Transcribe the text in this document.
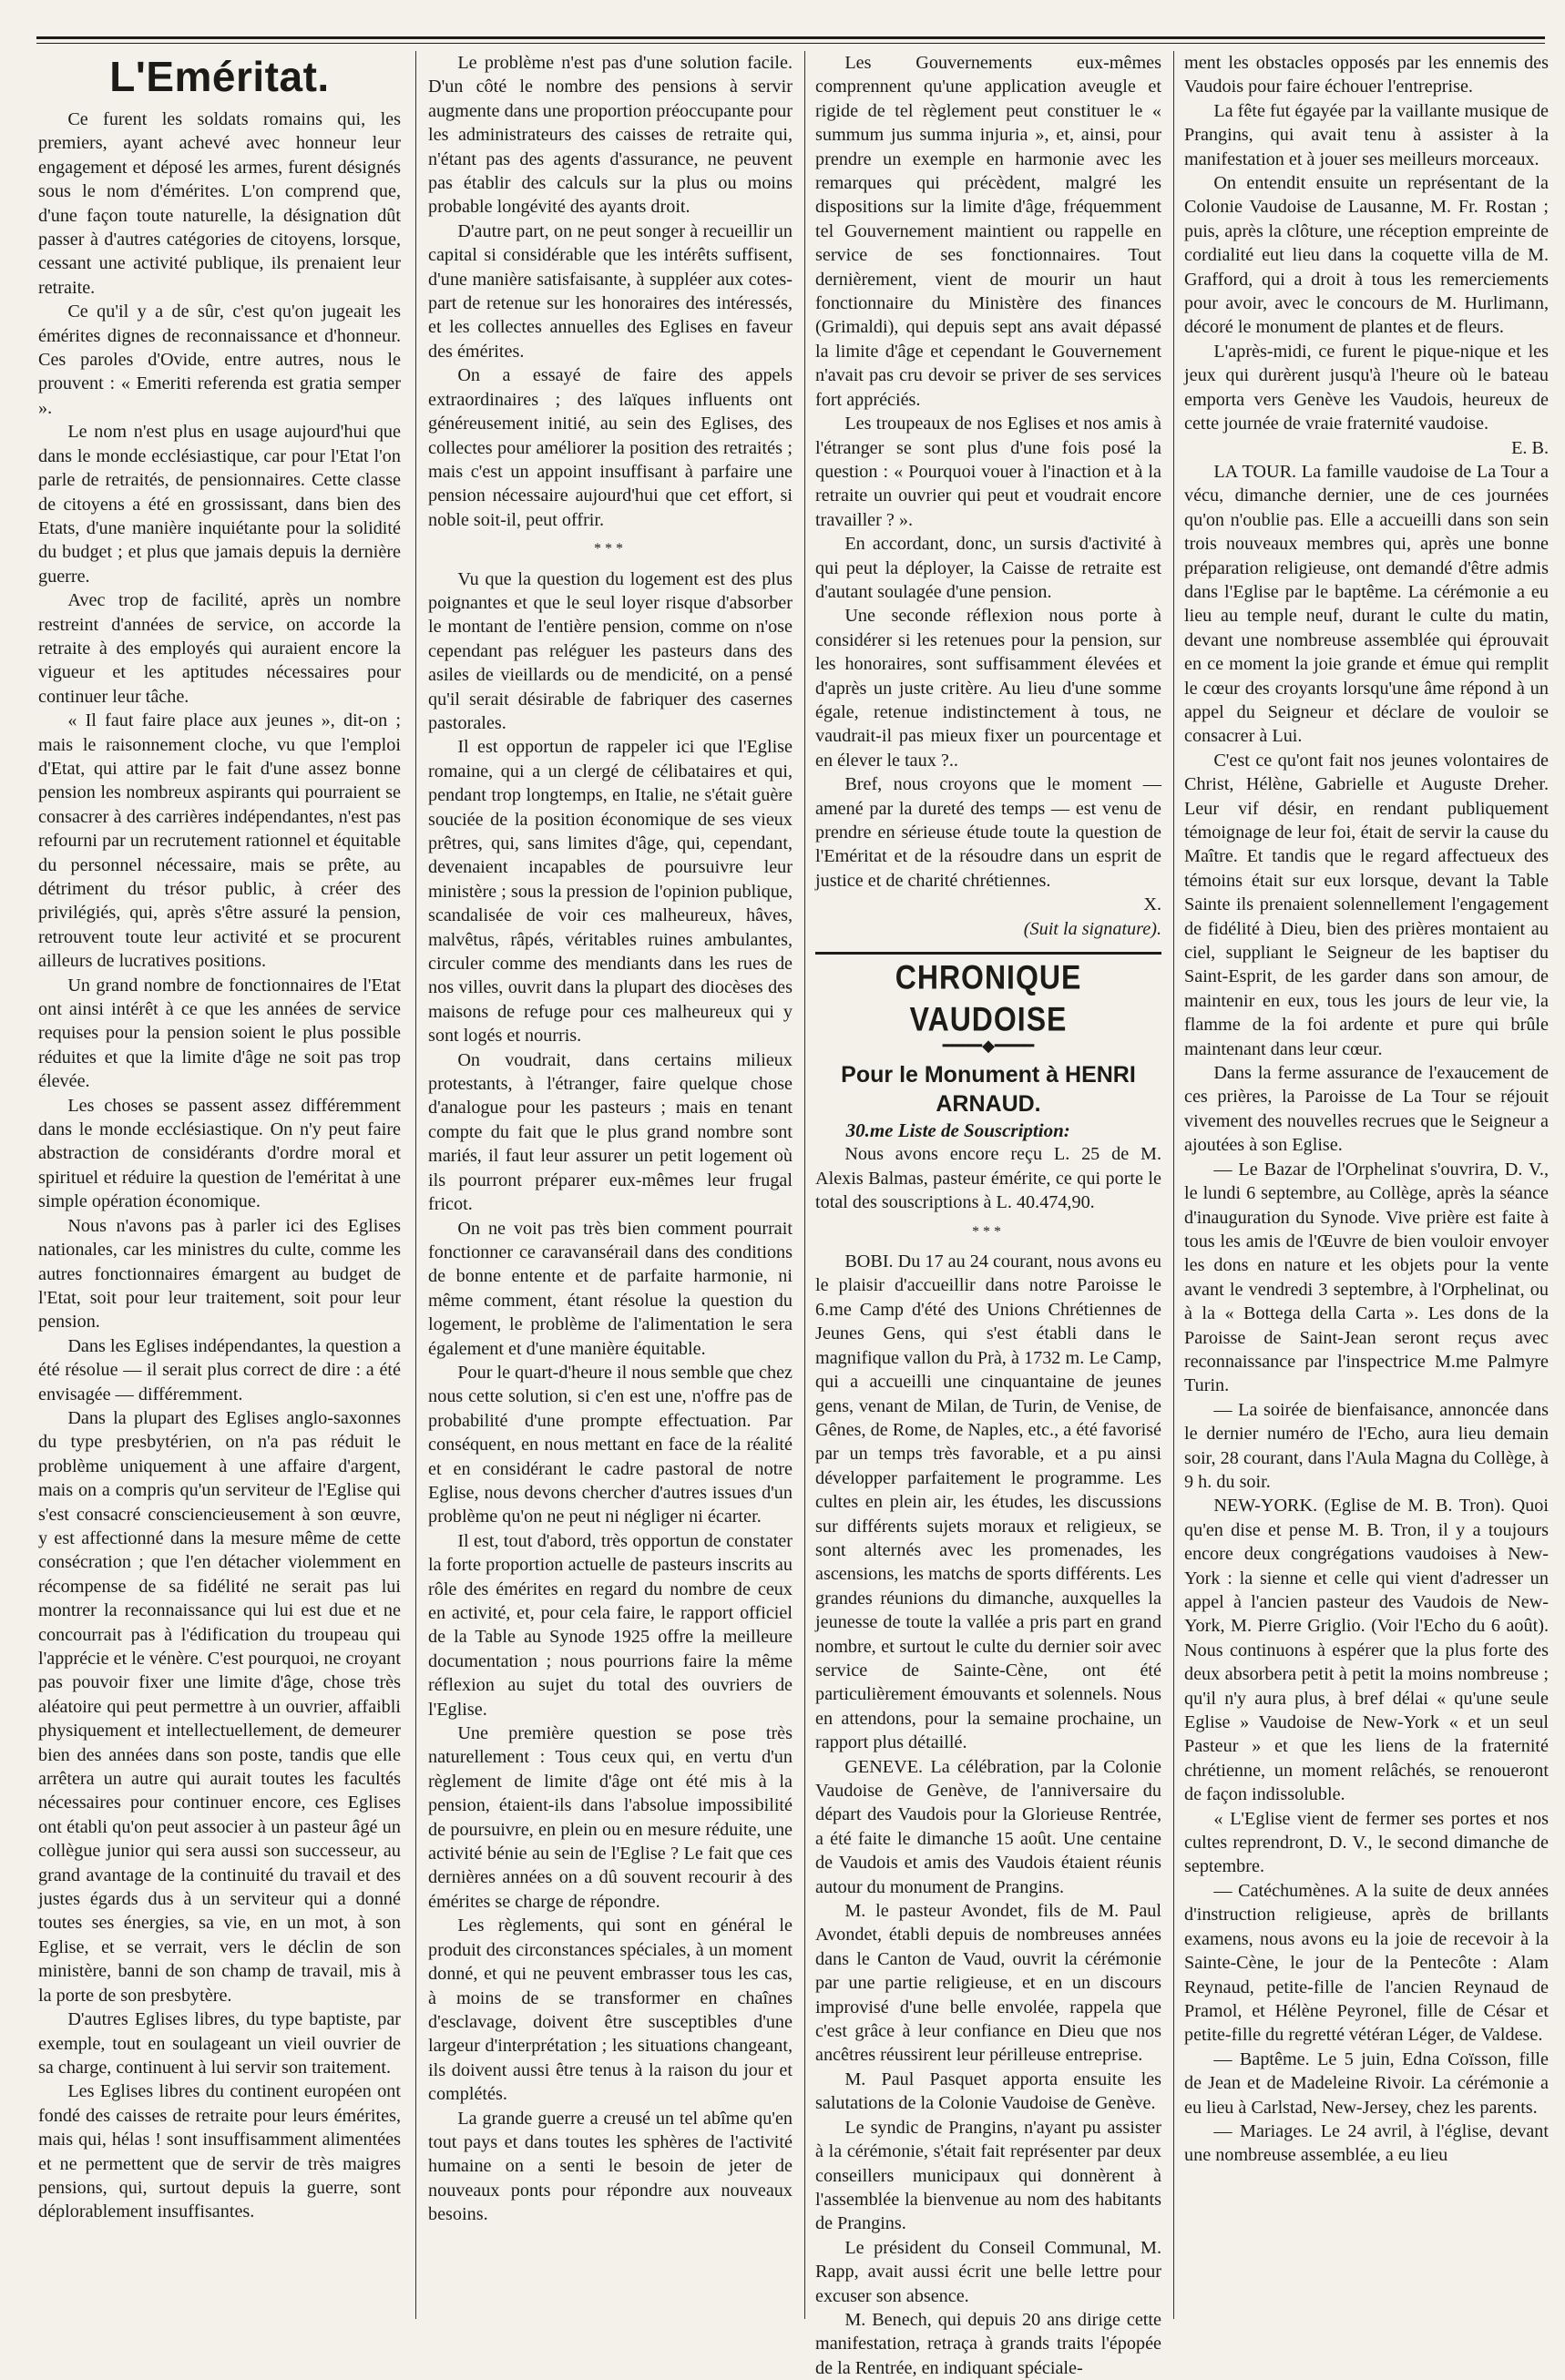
L'Eméritat.

Ce furent les soldats romains qui, les premiers, ayant achevé avec honneur leur engagement et déposé les armes, furent désignés sous le nom d'émérites. L'on comprend que, d'une façon toute naturelle, la désignation dût passer à d'autres catégories de citoyens, lorsque, cessant une activité publique, ils prenaient leur retraite.

Ce qu'il y a de sûr, c'est qu'on jugeait les émérites dignes de reconnaissance et d'honneur. Ces paroles d'Ovide, entre autres, nous le prouvent : « Emeriti referenda est gratia semper ».

Le nom n'est plus en usage aujourd'hui que dans le monde ecclésiastique, car pour l'Etat l'on parle de retraités, de pensionnaires. Cette classe de citoyens a été en grossissant, dans bien des Etats, d'une manière inquiétante pour la solidité du budget ; et plus que jamais depuis la dernière guerre.

Avec trop de facilité, après un nombre restreint d'années de service, on accorde la retraite à des employés qui auraient encore la vigueur et les aptitudes nécessaires pour continuer leur tâche.

« Il faut faire place aux jeunes », dit-on ; mais le raisonnement cloche, vu que l'emploi d'Etat, qui attire par le fait d'une assez bonne pension les nombreux aspirants qui pourraient se consacrer à des carrières indépendantes, n'est pas refourni par un recrutement rationnel et équitable du personnel nécessaire, mais se prête, au détriment du trésor public, à créer des privilégiés, qui, après s'être assuré la pension, retrouvent toute leur activité et se procurent ailleurs de lucratives positions.

Un grand nombre de fonctionnaires de l'Etat ont ainsi intérêt à ce que les années de service requises pour la pension soient le plus possible réduites et que la limite d'âge ne soit pas trop élevée.

Les choses se passent assez différemment dans le monde ecclésiastique. On n'y peut faire abstraction de considérants d'ordre moral et spirituel et réduire la question de l'eméritat à une simple opération économique.

Nous n'avons pas à parler ici des Eglises nationales, car les ministres du culte, comme les autres fonctionnaires émargent au budget de l'Etat, soit pour leur traitement, soit pour leur pension.

Dans les Eglises indépendantes, la question a été résolue — il serait plus correct de dire : a été envisagée — différemment.

Dans la plupart des Eglises anglo-saxonnes du type presbytérien, on n'a pas réduit le problème uniquement à une affaire d'argent, mais on a compris qu'un serviteur de l'Eglise qui s'est consacré consciencieusement à son œuvre, y est affectionné dans la mesure même de cette consécration ; que l'en détacher violemment en récompense de sa fidélité ne serait pas lui montrer la reconnaissance qui lui est due et ne concourrait pas à l'édification du troupeau qui l'apprécie et le vénère. C'est pourquoi, ne croyant pas pouvoir fixer une limite d'âge, chose très aléatoire qui peut permettre à un ouvrier, affaibli physiquement et intellectuellement, de demeurer bien des années dans son poste, tandis que elle arrêtera un autre qui aurait toutes les facultés nécessaires pour continuer encore, ces Eglises ont établi qu'on peut associer à un pasteur âgé un collègue junior qui sera aussi son successeur, au grand avantage de la continuité du travail et des justes égards dus à un serviteur qui a donné toutes ses énergies, sa vie, en un mot, à son Eglise, et se verrait, vers le déclin de son ministère, banni de son champ de travail, mis à la porte de son presbytère.

D'autres Eglises libres, du type baptiste, par exemple, tout en soulageant un vieil ouvrier de sa charge, continuent à lui servir son traitement.

Les Eglises libres du continent européen ont fondé des caisses de retraite pour leurs émérites, mais qui, hélas ! sont insuffisamment alimentées et ne permettent que de servir de très maigres pensions, qui, surtout depuis la guerre, sont déplorablement insuffisantes.

Le problème n'est pas d'une solution facile. D'un côté le nombre des pensions à servir augmente dans une proportion préoccupante pour les administrateurs des caisses de retraite qui, n'étant pas des agents d'assurance, ne peuvent pas établir des calculs sur la plus ou moins probable longévité des ayants droit.

D'autre part, on ne peut songer à recueillir un capital si considérable que les intérêts suffisent, d'une manière satisfaisante, à suppléer aux cotes-part de retenue sur les honoraires des intéressés, et les collectes annuelles des Eglises en faveur des émérites.

On a essayé de faire des appels extraordinaires ; des laïques influents ont généreusement initié, au sein des Eglises, des collectes pour améliorer la position des retraités ; mais c'est un appoint insuffisant à parfaire une pension nécessaire aujourd'hui que cet effort, si noble soit-il, peut offrir.

***

Vu que la question du logement est des plus poignantes et que le seul loyer risque d'absorber le montant de l'entière pension, comme on n'ose cependant pas reléguer les pasteurs dans des asiles de vieillards ou de mendicité, on a pensé qu'il serait désirable de fabriquer des casernes pastorales.

Il est opportun de rappeler ici que l'Eglise romaine, qui a un clergé de célibataires et qui, pendant trop longtemps, en Italie, ne s'était guère souciée de la position économique de ses vieux prêtres, qui, sans limites d'âge, qui, cependant, devenaient incapables de poursuivre leur ministère ; sous la pression de l'opinion publique, scandalisée de voir ces malheureux, hâves, malvêtus, râpés, véritables ruines ambulantes, circuler comme des mendiants dans les rues de nos villes, ouvrit dans la plupart des diocèses des maisons de refuge pour ces malheureux qui y sont logés et nourris.

On voudrait, dans certains milieux protestants, à l'étranger, faire quelque chose d'analogue pour les pasteurs ; mais en tenant compte du fait que le plus grand nombre sont mariés, il faut leur assurer un petit logement où ils pourront préparer eux-mêmes leur frugal fricot.

On ne voit pas très bien comment pourrait fonctionner ce caravansérail dans des conditions de bonne entente et de parfaite harmonie, ni même comment, étant résolue la question du logement, le problème de l'alimentation le sera également et d'une manière équitable.

Pour le quart-d'heure il nous semble que chez nous cette solution, si c'en est une, n'offre pas de probabilité d'une prompte effectuation. Par conséquent, en nous mettant en face de la réalité et en considérant le cadre pastoral de notre Eglise, nous devons chercher d'autres issues d'un problème qu'on ne peut ni négliger ni écarter.

Il est, tout d'abord, très opportun de constater la forte proportion actuelle de pasteurs inscrits au rôle des émérites en regard du nombre de ceux en activité, et, pour cela faire, le rapport officiel de la Table au Synode 1925 offre la meilleure documentation ; nous pourrions faire la même réflexion au sujet du total des ouvriers de l'Eglise.

Une première question se pose très naturellement : Tous ceux qui, en vertu d'un règlement de limite d'âge ont été mis à la pension, étaient-ils dans l'absolue impossibilité de poursuivre, en plein ou en mesure réduite, une activité bénie au sein de l'Eglise ? Le fait que ces dernières années on a dû souvent recourir à des émérites se charge de répondre.

Les règlements, qui sont en général le produit des circonstances spéciales, à un moment donné, et qui ne peuvent embrasser tous les cas, à moins de se transformer en chaînes d'esclavage, doivent être susceptibles d'une largeur d'interprétation ; les situations changeant, ils doivent aussi être tenus à la raison du jour et complétés.

La grande guerre a creusé un tel abîme qu'en tout pays et dans toutes les sphères de l'activité humaine on a senti le besoin de jeter de nouveaux ponts pour répondre aux nouveaux besoins.

Les Gouvernements eux-mêmes comprennent qu'une application aveugle et rigide de tel règlement peut constituer le « summum jus summa injuria », et, ainsi, pour prendre un exemple en harmonie avec les remarques qui précèdent, malgré les dispositions sur la limite d'âge, fréquemment tel Gouvernement maintient ou rappelle en service de ses fonctionnaires. Tout dernièrement, vient de mourir un haut fonctionnaire du Ministère des finances (Grimaldi), qui depuis sept ans avait dépassé la limite d'âge et cependant le Gouvernement n'avait pas cru devoir se priver de ses services fort appréciés.

Les troupeaux de nos Eglises et nos amis à l'étranger se sont plus d'une fois posé la question : « Pourquoi vouer à l'inaction et à la retraite un ouvrier qui peut et voudrait encore travailler ? ».

En accordant, donc, un sursis d'activité à qui peut la déployer, la Caisse de retraite est d'autant soulagée d'une pension.

Une seconde réflexion nous porte à considérer si les retenues pour la pension, sur les honoraires, sont suffisamment élevées et d'après un juste critère. Au lieu d'une somme égale, retenue indistinctement à tous, ne vaudrait-il pas mieux fixer un pourcentage et en élever le taux ?..

Bref, nous croyons que le moment — amené par la dureté des temps — est venu de prendre en sérieuse étude toute la question de l'Eméritat et de la résoudre dans un esprit de justice et de charité chrétiennes.

X.
(Suit la signature).
CHRONIQUE VAUDOISE
━━━━◆━━━━
Pour le Monument à HENRI ARNAUD.

30.me Liste de Souscription:

Nous avons encore reçu L. 25 de M. Alexis Balmas, pasteur émérite, ce qui porte le total des souscriptions à L. 40.474,90.

***

BOBI. Du 17 au 24 courant, nous avons eu le plaisir d'accueillir dans notre Paroisse le 6.me Camp d'été des Unions Chrétiennes de Jeunes Gens, qui s'est établi dans le magnifique vallon du Prà, à 1732 m. Le Camp, qui a accueilli une cinquantaine de jeunes gens, venant de Milan, de Turin, de Venise, de Gênes, de Rome, de Naples, etc., a été favorisé par un temps très favorable, et a pu ainsi développer parfaitement le programme. Les cultes en plein air, les études, les discussions sur différents sujets moraux et religieux, se sont alternés avec les promenades, les ascensions, les matchs de sports différents. Les grandes réunions du dimanche, auxquelles la jeunesse de toute la vallée a pris part en grand nombre, et surtout le culte du dernier soir avec service de Sainte-Cène, ont été particulièrement émouvants et solennels. Nous en attendons, pour la semaine prochaine, un rapport plus détaillé.

GENEVE. La célébration, par la Colonie Vaudoise de Genève, de l'anniversaire du départ des Vaudois pour la Glorieuse Rentrée, a été faite le dimanche 15 août. Une centaine de Vaudois et amis des Vaudois étaient réunis autour du monument de Prangins.

M. le pasteur Avondet, fils de M. Paul Avondet, établi depuis de nombreuses années dans le Canton de Vaud, ouvrit la cérémonie par une partie religieuse, et en un discours improvisé d'une belle envolée, rappela que c'est grâce à leur confiance en Dieu que nos ancêtres réussirent leur périlleuse entreprise.

M. Paul Pasquet apporta ensuite les salutations de la Colonie Vaudoise de Genève.

Le syndic de Prangins, n'ayant pu assister à la cérémonie, s'était fait représenter par deux conseillers municipaux qui donnèrent à l'assemblée la bienvenue au nom des habitants de Prangins.

Le président du Conseil Communal, M. Rapp, avait aussi écrit une belle lettre pour excuser son absence.

M. Benech, qui depuis 20 ans dirige cette manifestation, retraça à grands traits l'épopée de la Rentrée, en indiquant spéciale-

ment les obstacles opposés par les ennemis des Vaudois pour faire échouer l'entreprise.

La fête fut égayée par la vaillante musique de Prangins, qui avait tenu à assister à la manifestation et à jouer ses meilleurs morceaux.

On entendit ensuite un représentant de la Colonie Vaudoise de Lausanne, M. Fr. Rostan ; puis, après la clôture, une réception empreinte de cordialité eut lieu dans la coquette villa de M. Grafford, qui a droit à tous les remerciements pour avoir, avec le concours de M. Hurlimann, décoré le monument de plantes et de fleurs.

L'après-midi, ce furent le pique-nique et les jeux qui durèrent jusqu'à l'heure où le bateau emporta vers Genève les Vaudois, heureux de cette journée de vraie fraternité vaudoise.

E. B.

LA TOUR. La famille vaudoise de La Tour a vécu, dimanche dernier, une de ces journées qu'on n'oublie pas. Elle a accueilli dans son sein trois nouveaux membres qui, après une bonne préparation religieuse, ont demandé d'être admis dans l'Eglise par le baptême. La cérémonie a eu lieu au temple neuf, durant le culte du matin, devant une nombreuse assemblée qui éprouvait en ce moment la joie grande et émue qui remplit le cœur des croyants lorsqu'une âme répond à un appel du Seigneur et déclare de vouloir se consacrer à Lui.

C'est ce qu'ont fait nos jeunes volontaires de Christ, Hélène, Gabrielle et Auguste Dreher. Leur vif désir, en rendant publiquement témoignage de leur foi, était de servir la cause du Maître. Et tandis que le regard affectueux des témoins était sur eux lorsque, devant la Table Sainte ils prenaient solennellement l'engagement de fidélité à Dieu, bien des prières montaient au ciel, suppliant le Seigneur de les baptiser du Saint-Esprit, de les garder dans son amour, de maintenir en eux, tous les jours de leur vie, la flamme de la foi ardente et pure qui brûle maintenant dans leur cœur.

Dans la ferme assurance de l'exaucement de ces prières, la Paroisse de La Tour se réjouit vivement des nouvelles recrues que le Seigneur a ajoutées à son Eglise.

— Le Bazar de l'Orphelinat s'ouvrira, D. V., le lundi 6 septembre, au Collège, après la séance d'inauguration du Synode. Vive prière est faite à tous les amis de l'Œuvre de bien vouloir envoyer les dons en nature et les objets pour la vente avant le vendredi 3 septembre, à l'Orphelinat, ou à la « Bottega della Carta ». Les dons de la Paroisse de Saint-Jean seront reçus avec reconnaissance par l'inspectrice M.me Palmyre Turin.

— La soirée de bienfaisance, annoncée dans le dernier numéro de l'Echo, aura lieu demain soir, 28 courant, dans l'Aula Magna du Collège, à 9 h. du soir.

NEW-YORK. (Eglise de M. B. Tron). Quoi qu'en dise et pense M. B. Tron, il y a toujours encore deux congrégations vaudoises à New-York : la sienne et celle qui vient d'adresser un appel à l'ancien pasteur des Vaudois de New-York, M. Pierre Griglio. (Voir l'Echo du 6 août). Nous continuons à espérer que la plus forte des deux absorbera petit à petit la moins nombreuse ; qu'il n'y aura plus, à bref délai « qu'une seule Eglise » Vaudoise de New-York « et un seul Pasteur » et que les liens de la fraternité chrétienne, un moment relâchés, se renoueront de façon indissoluble.

« L'Eglise vient de fermer ses portes et nos cultes reprendront, D. V., le second dimanche de septembre.

— Catéchumènes. A la suite de deux années d'instruction religieuse, après de brillants examens, nous avons eu la joie de recevoir à la Sainte-Cène, le jour de la Pentecôte : Alam Reynaud, petite-fille de l'ancien Reynaud de Pramol, et Hélène Peyronel, fille de César et petite-fille du regretté vétéran Léger, de Valdese.

— Baptême. Le 5 juin, Edna Coïsson, fille de Jean et de Madeleine Rivoir. La cérémonie a eu lieu à Carlstad, New-Jersey, chez les parents.

— Mariages. Le 24 avril, à l'église, devant une nombreuse assemblée, a eu lieu
